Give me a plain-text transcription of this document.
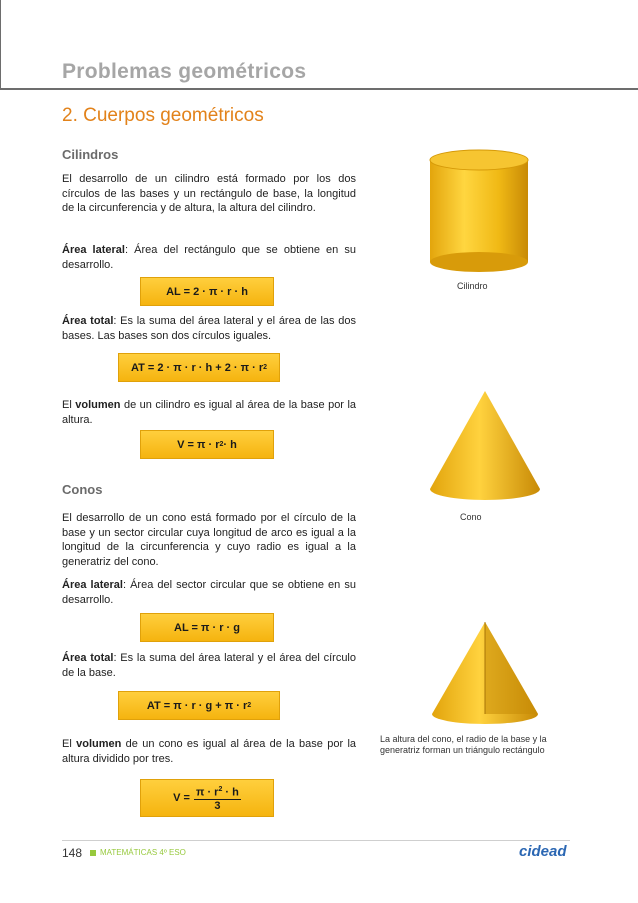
Problemas geométricos
2. Cuerpos geométricos
Cilindros
El desarrollo de un cilindro está formado por los dos círculos de las bases y un rectángulo de base, la longitud de la circunferencia y de altura, la altura del cilindro.
Área lateral: Área del rectángulo que se obtiene en su desarrollo.
AL = 2 · π · r · h
Área total: Es la suma del área lateral y el área de las dos bases. Las bases son dos círculos iguales.
AT = 2 · π · r · h + 2 · π · r 2
El volumen de un cilindro es igual al área de la base por la altura.
V = π · r 2 · h
Conos
El desarrollo de un cono está formado por el círculo de la base y un sector circular cuya longitud de arco es igual a la longitud de la circunferencia y cuyo radio es igual a la generatriz del cono.
Área lateral: Área del sector circular que se obtiene en su desarrollo.
AL = π · r · g
Área total: Es la suma del área lateral y el área del círculo de la base.
AT = π · r · g + π · r 2
El volumen de un cono es igual al área de la base por la altura dividido por tres.
$V = \frac{\pi \cdot r^2 \cdot h}{3}$
Cilindro
Cono
La altura del cono, el radio de la base y la generatriz forman un triángulo rectángulo
148 MATEMÁTICAS 4º ESO	cidead
